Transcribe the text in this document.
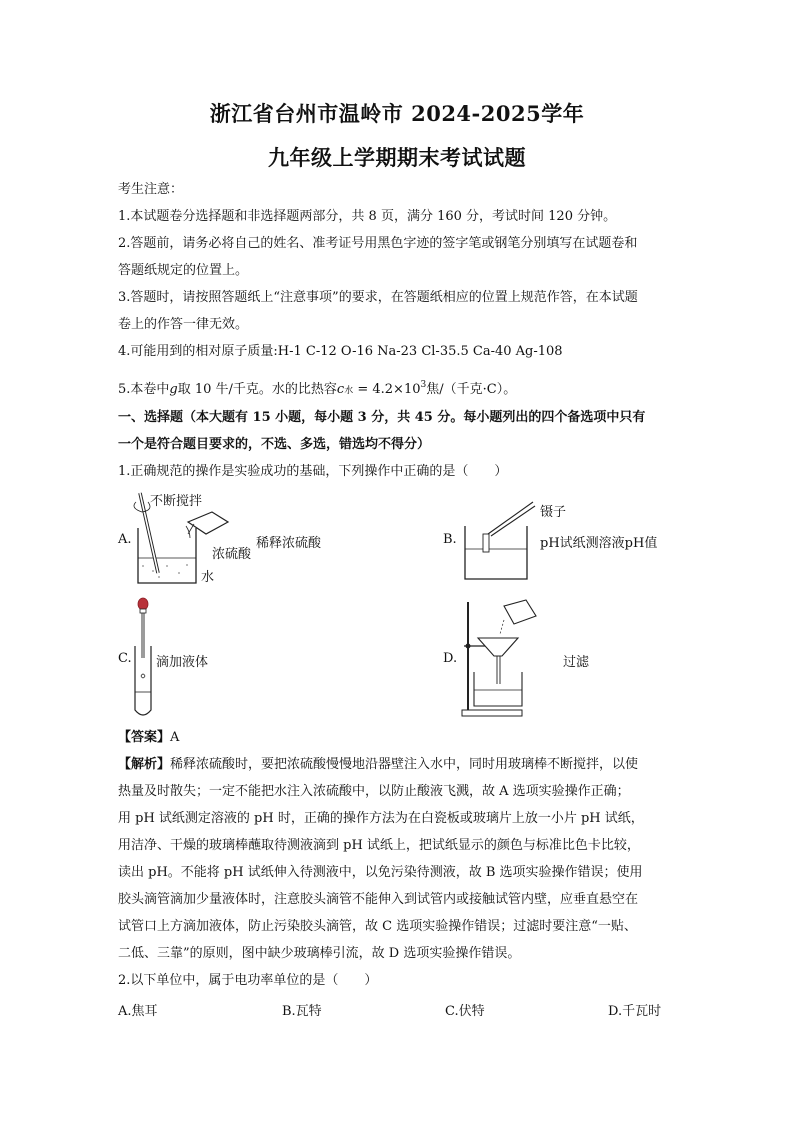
浙江省台州市温岭市 2024-2025学年
九年级上学期期末考试试题
考生注意：
1.本试题卷分选择题和非选择题两部分，共 8 页，满分 160 分，考试时间 120 分钟。
2.答题前，请务必将自己的姓名、准考证号用黑色字迹的签字笔或钢笔分别填写在试题卷和
答题纸规定的位置上。
3.答题时，请按照答题纸上“注意事项”的要求，在答题纸相应的位置上规范作答，在本试题
卷上的作答一律无效。
4.可能用到的相对原子质量:H-1 C-12 O-16 Na-23 Cl-35.5 Ca-40 Ag-108
5.本卷中g取 10 牛/千克。水的比热容c水 = $4.2\times 10^3$焦/（千克·C）。
一、选择题（本大题有 15 小题，每小题 3 分，共 45 分。每小题列出的四个备选项中只有
一个是符合题目要求的，不选、多选，错选均不得分）
1.正确规范的操作是实验成功的基础，下列操作中正确的是（　　）
A.
不断搅拌
稀释浓硫酸
浓硫酸
水
B.
镊子
pH试纸测溶液pH值
C. 滴加液体	D.	过滤
【答案】A
【解析】稀释浓硫酸时，要把浓硫酸慢慢地沿器壁注入水中，同时用玻璃棒不断搅拌，以使
热量及时散失；一定不能把水注入浓硫酸中，以防止酸液飞溅，故 A 选项实验操作正确；
用 pH 试纸测定溶液的 pH 时，正确的操作方法为在白瓷板或玻璃片上放一小片 pH 试纸，
用洁净、干燥的玻璃棒蘸取待测液滴到 pH 试纸上，把试纸显示的颜色与标准比色卡比较，
读出 pH。不能将 pH 试纸伸入待测液中，以免污染待测液，故 B 选项实验操作错误；使用
胶头滴管滴加少量液体时，注意胶头滴管不能伸入到试管内或接触试管内壁，应垂直悬空在
试管口上方滴加液体，防止污染胶头滴管，故 C 选项实验操作错误；过滤时要注意“一贴、
二低、三靠”的原则，图中缺少玻璃棒引流，故 D 选项实验操作错误。
2.以下单位中，属于电功率单位的是（　　）
A.焦耳	B.瓦特	C.伏特	D.千瓦时
